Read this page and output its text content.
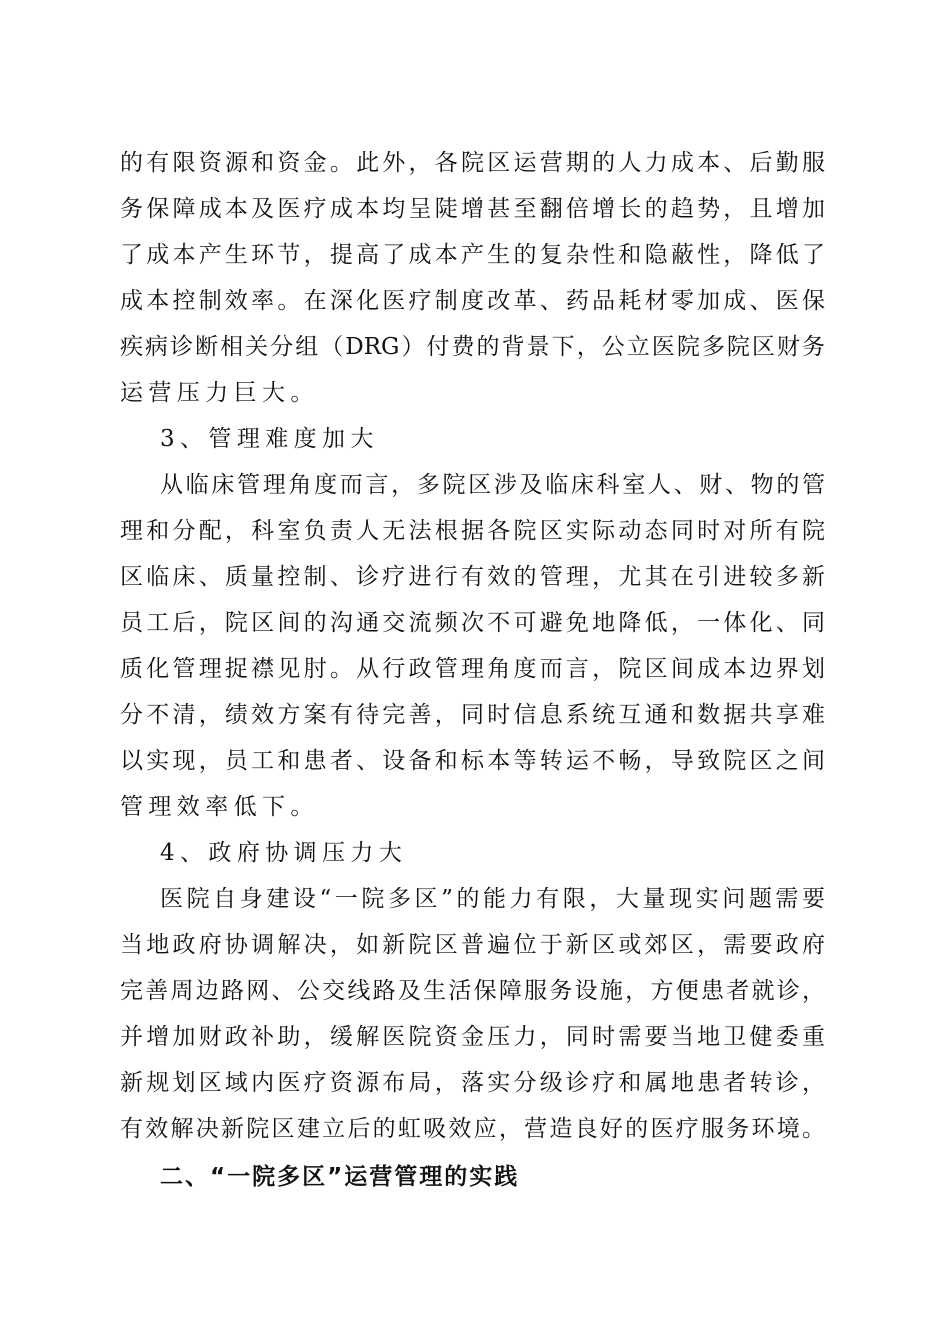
的有限资源和资金。此外，各院区运营期的人力成本、后勤服
务保障成本及医疗成本均呈陡增甚至翻倍增长的趋势，且增加
了成本产生环节，提高了成本产生的复杂性和隐蔽性，降低了
成本控制效率。在深化医疗制度改革、药品耗材零加成、医保
疾病诊断相关分组（DRG）付费的背景下，公立医院多院区财务
运营压力巨大。
3、管理难度加大
从临床管理角度而言，多院区涉及临床科室人、财、物的管
理和分配，科室负责人无法根据各院区实际动态同时对所有院
区临床、质量控制、诊疗进行有效的管理，尤其在引进较多新
员工后，院区间的沟通交流频次不可避免地降低，一体化、同
质化管理捉襟见肘。从行政管理角度而言，院区间成本边界划
分不清，绩效方案有待完善，同时信息系统互通和数据共享难
以实现，员工和患者、设备和标本等转运不畅，导致院区之间
管理效率低下。
4、政府协调压力大
医院自身建设“一院多区”的能力有限，大量现实问题需要
当地政府协调解决，如新院区普遍位于新区或郊区，需要政府
完善周边路网、公交线路及生活保障服务设施，方便患者就诊，
并增加财政补助，缓解医院资金压力，同时需要当地卫健委重
新规划区域内医疗资源布局，落实分级诊疗和属地患者转诊，
有效解决新院区建立后的虹吸效应，营造良好的医疗服务环境。
二、“一院多区”运营管理的实践
